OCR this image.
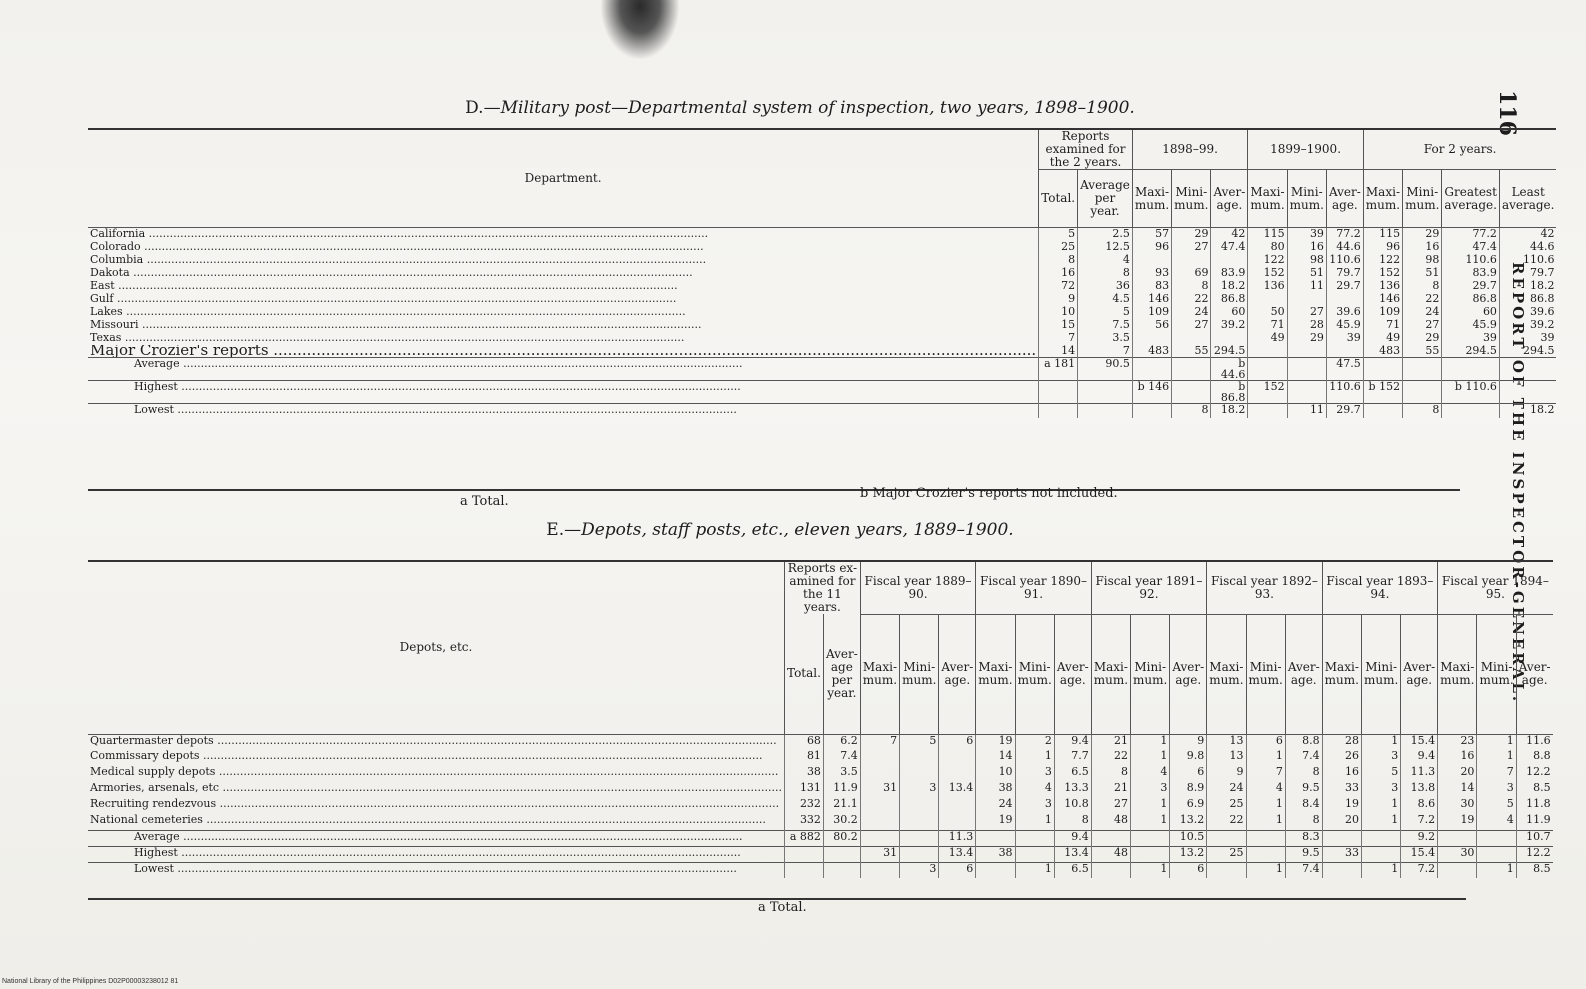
116
REPORT OF THE INSPECTOR-GENERAL.
D.—Military post—Departmental system of inspection, two years, 1898–1900.
Department.	Reports examined for the 2 years.		1898–99.			1899–1900.			For 2 years.			
	Total.	Average per year.	Maxi- mum.	Mini- mum.	Aver- age.	Maxi- mum.	Mini- mum.	Aver- age.	Maxi- mum.	Mini- mum.	Greatest average.	Least average.
California .....	5	2.5	57	29	42	115	39	77.2	115	29	77.2	42
Colorado .....	25	12.5	96	27	47.4	80	16	44.6	96	16	47.4	44.6
Columbia .....	8	4				122	98	110.6	122	98	110.6	110.6
Dakota .....	16	8	93	69	83.9	152	51	79.7	152	51	83.9	79.7
East .....	72	36	83	8	18.2	136	11	29.7	136	8	29.7	18.2
Gulf .....	9	4.5	146	22	86.8				146	22	86.8	86.8
Lakes .....	10	5	109	24	60	50	27	39.6	109	24	60	39.6
Missouri .....	15	7.5	56	27	39.2	71	28	45.9	71	27	45.9	39.2
Texas .....	7	3.5				49	29	39	49	29	39	39
Major Crozier's reports .....	14	7	483	55	294.5				483	55	294.5	294.5
Average .....	a 181	90.5			b 44.6			47.5				
Highest .....			b 146		b 86.8	152		110.6	b 152		b 110.6	
Lowest .....				8	18.2		11	29.7		8		18.2
a Total.
b Major Crozier's reports not included.
E.—Depots, staff posts, etc., eleven years, 1889–1900.
Depots, etc.	Reports ex- amined for the 11 years.		Fiscal year 1889–90.			Fiscal year 1890–91.			Fiscal year 1891–92.			Fiscal year 1892–93.			Fiscal year 1893–94.			Fiscal year 1894–95.		
	Total.	Aver- age per year.	Maxi- mum.	Mini- mum.	Aver- age.	Maxi- mum.	Mini- mum.	Aver- age.	Maxi- mum.	Mini- mum.	Aver- age.	Maxi- mum.	Mini- mum.	Aver- age.	Maxi- mum.	Mini- mum.	Aver- age.	Maxi- mum.	Mini- mum.	Aver- age.
Quartermaster depots .....	68	6.2	7	5	6	19	2	9.4	21	1	9	13	6	8.8	28	1	15.4	23	1	11.6
Commissary depots .....	81	7.4				14	1	7.7	22	1	9.8	13	1	7.4	26	3	9.4	16	1	8.8
Medical supply depots .....	38	3.5				10	3	6.5	8	4	6	9	7	8	16	5	11.3	20	7	12.2
Armories, arsenals, etc .....	131	11.9	31	3	13.4	38	4	13.3	21	3	8.9	24	4	9.5	33	3	13.8	14	3	8.5
Recruiting rendezvous .....	232	21.1				24	3	10.8	27	1	6.9	25	1	8.4	19	1	8.6	30	5	11.8
National cemeteries .....	332	30.2				19	1	8	48	1	13.2	22	1	8	20	1	7.2	19	4	11.9
Average .....	a 882	80.2			11.3			9.4			10.5			8.3			9.2			10.7
Highest .....			31		13.4	38		13.4	48		13.2	25		9.5	33		15.4	30		12.2
Lowest .....				3	6		1	6.5		1	6		1	7.4		1	7.2		1	8.5
a Total.
National Library of the Philippines D02P00003238012 81
